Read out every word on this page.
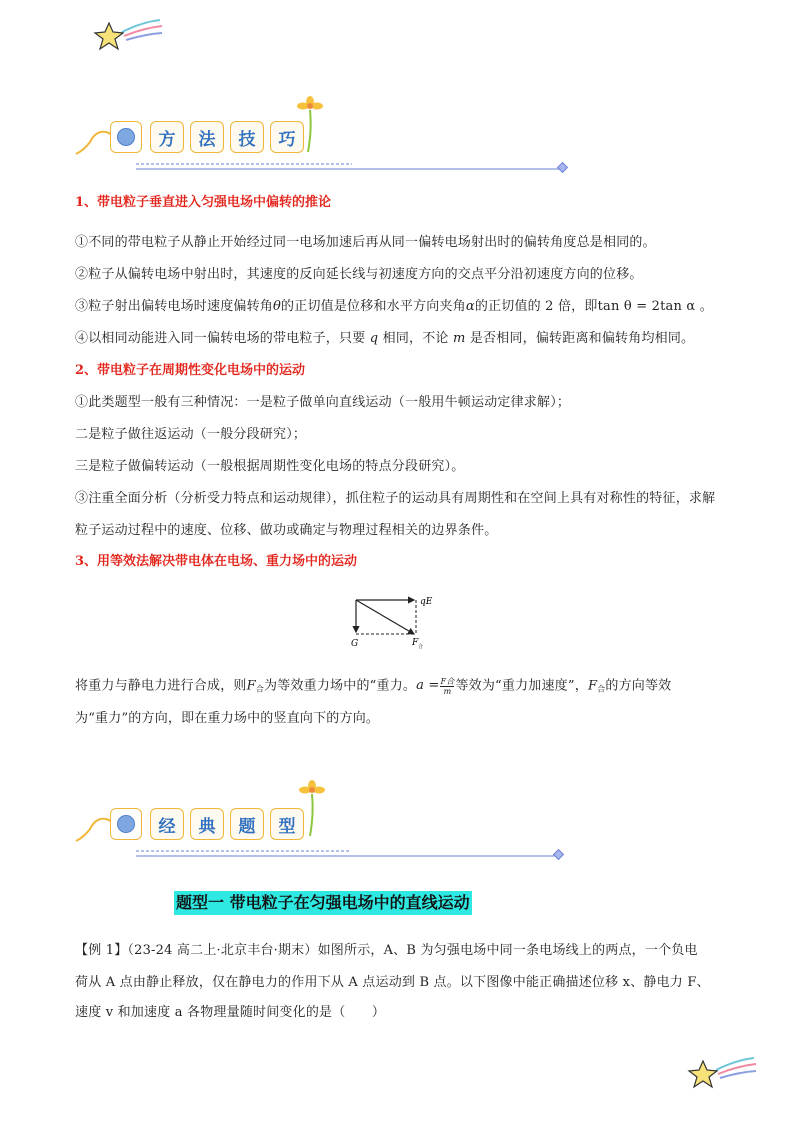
方	法	技	巧
1、带电粒子垂直进入匀强电场中偏转的推论
①不同的带电粒子从静止开始经过同一电场加速后再从同一偏转电场射出时的偏转角度总是相同的。
②粒子从偏转电场中射出时，其速度的反向延长线与初速度方向的交点平分沿初速度方向的位移。
③粒子射出偏转电场时速度偏转角θ的正切值是位移和水平方向夹角α的正切值的 2 倍，即tan θ = 2tan α 。
④以相同动能进入同一偏转电场的带电粒子，只要 q 相同，不论 m 是否相同，偏转距离和偏转角均相同。
2、带电粒子在周期性变化电场中的运动
①此类题型一般有三种情况：一是粒子做单向直线运动（一般用牛顿运动定律求解）；
二是粒子做往返运动（一般分段研究）；
三是粒子做偏转运动（一般根据周期性变化电场的特点分段研究）。
③注重全面分析（分析受力特点和运动规律），抓住粒子的运动具有周期性和在空间上具有对称性的特征，求解粒子运动过程中的速度、位移、做功或确定与物理过程相关的边界条件。
3、用等效法解决带电体在电场、重力场中的运动
qE
G	F 合
将重力与静电力进行合成，则$F_合$为等效重力场中的“重力。a = F合
m 等效为“重力加速度”，$F_合$的方向等效
为“重力”的方向，即在重力场中的竖直向下的方向。
经	典	题	型
题型一 带电粒子在匀强电场中的直线运动
【例 1】（23-24 高二上·北京丰台·期末）如图所示，A、B 为匀强电场中同一条电场线上的两点，一个负电
荷从 A 点由静止释放，仅在静电力的作用下从 A 点运动到 B 点。以下图像中能正确描述位移 x、静电力 F、
速度 v 和加速度 a 各物理量随时间变化的是（　　）
